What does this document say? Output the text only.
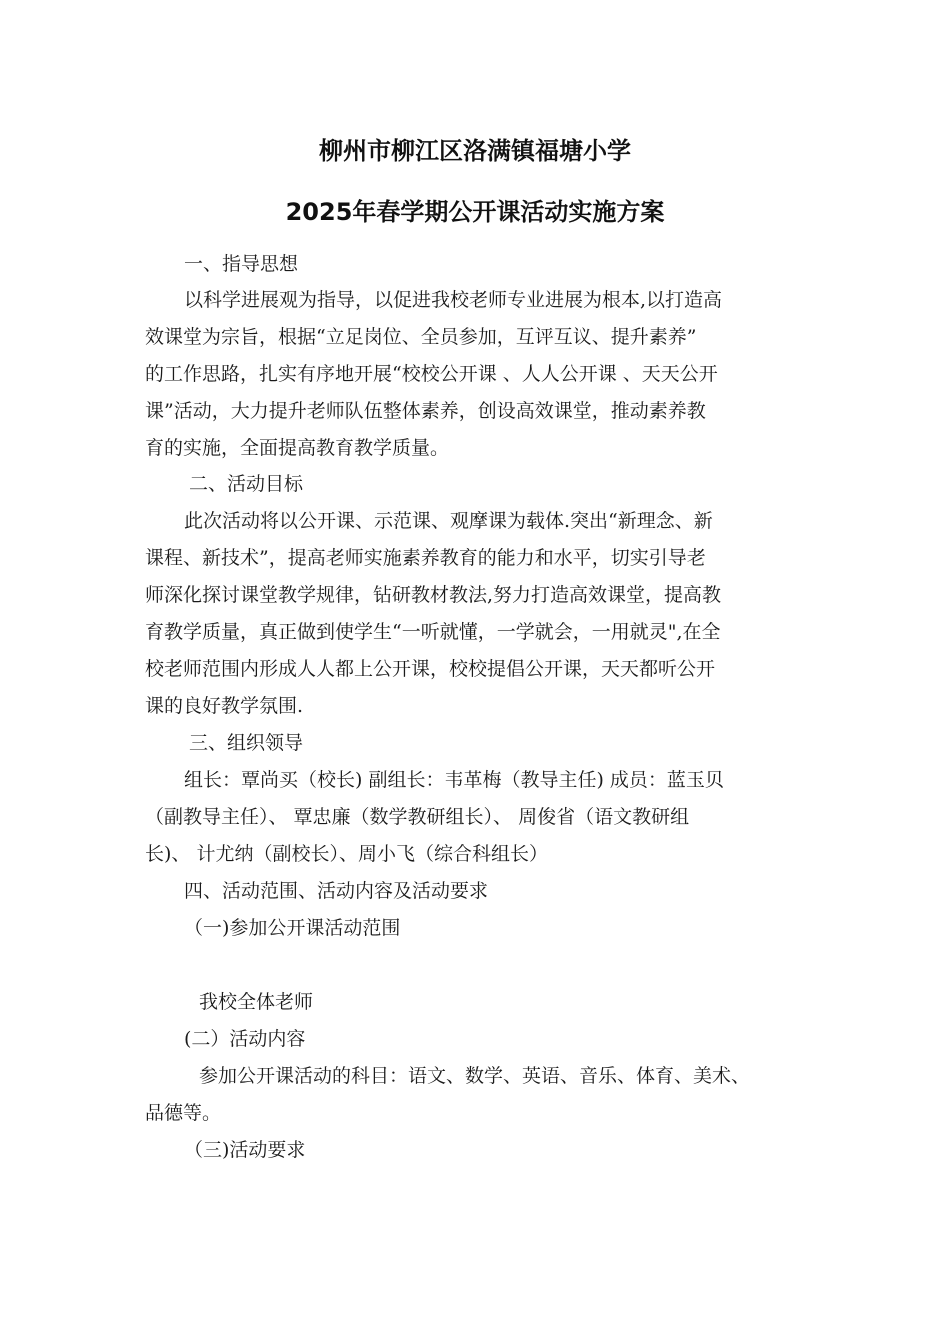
柳州市柳江区洛满镇福塘小学
2025年春学期公开课活动实施方案
一、指导思想
以科学进展观为指导，以促进我校老师专业进展为根本,以打造高
效课堂为宗旨，根据“立足岗位、全员参加，互评互议、提升素养”
的工作思路，扎实有序地开展“校校公开课 、人人公开课 、天天公开
课”活动，大力提升老师队伍整体素养，创设高效课堂，推动素养教
育的实施，全面提高教育教学质量。
二、活动目标
此次活动将以公开课、示范课、观摩课为载体.突出“新理念、新
课程、新技术”，提高老师实施素养教育的能力和水平，切实引导老
师深化探讨课堂教学规律，钻研教材教法,努力打造高效课堂，提高教
育教学质量，真正做到使学生“一听就懂，一学就会，一用就灵",在全
校老师范围内形成人人都上公开课，校校提倡公开课，天天都听公开
课的良好教学氛围.
三、组织领导
组长：覃尚买（校长) 副组长：韦革梅（教导主任) 成员：蓝玉贝
（副教导主任）、 覃忠廉（数学教研组长）、 周俊省（语文教研组
长)、 计尤纳（副校长）、周小飞（综合科组长）
四、活动范围、活动内容及活动要求
（一)参加公开课活动范围
我校全体老师
(二）活动内容
参加公开课活动的科目：语文、数学、英语、音乐、体育、美术、
品德等。
（三)活动要求
